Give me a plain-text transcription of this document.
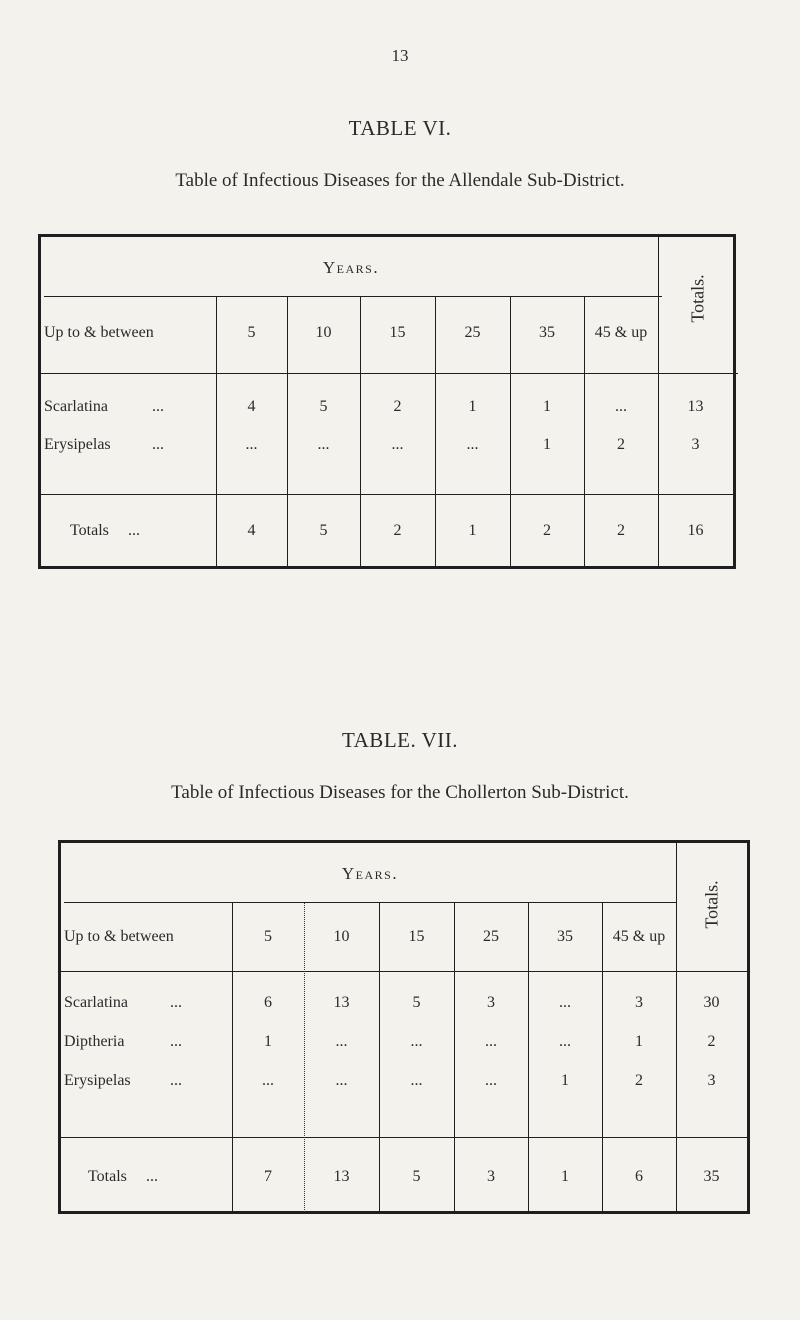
13
TABLE VI.
Table of Infectious Diseases for the Allendale Sub-District.
Years.
Totals.
Up to & between	5	10	15	25	35	45 & up
Scarlatina	...	4	5	2	1	1	...	13
Erysipelas	...	...	...	...	...	1	2	3
Totals ...	4	5	2	1	2	2	16
TABLE. VII.
Table of Infectious Diseases for the Chollerton Sub-District.
Years.
Totals.
Up to & between	5	10	15	25	35	45 & up
Scarlatina	...	6	13	5	3	...	3	30
Diptheria	...	1	...	...	...	...	1	2
Erysipelas ...	...	...	...	...	1	2	3
Totals ...	7	13	5	3	1	6	35
